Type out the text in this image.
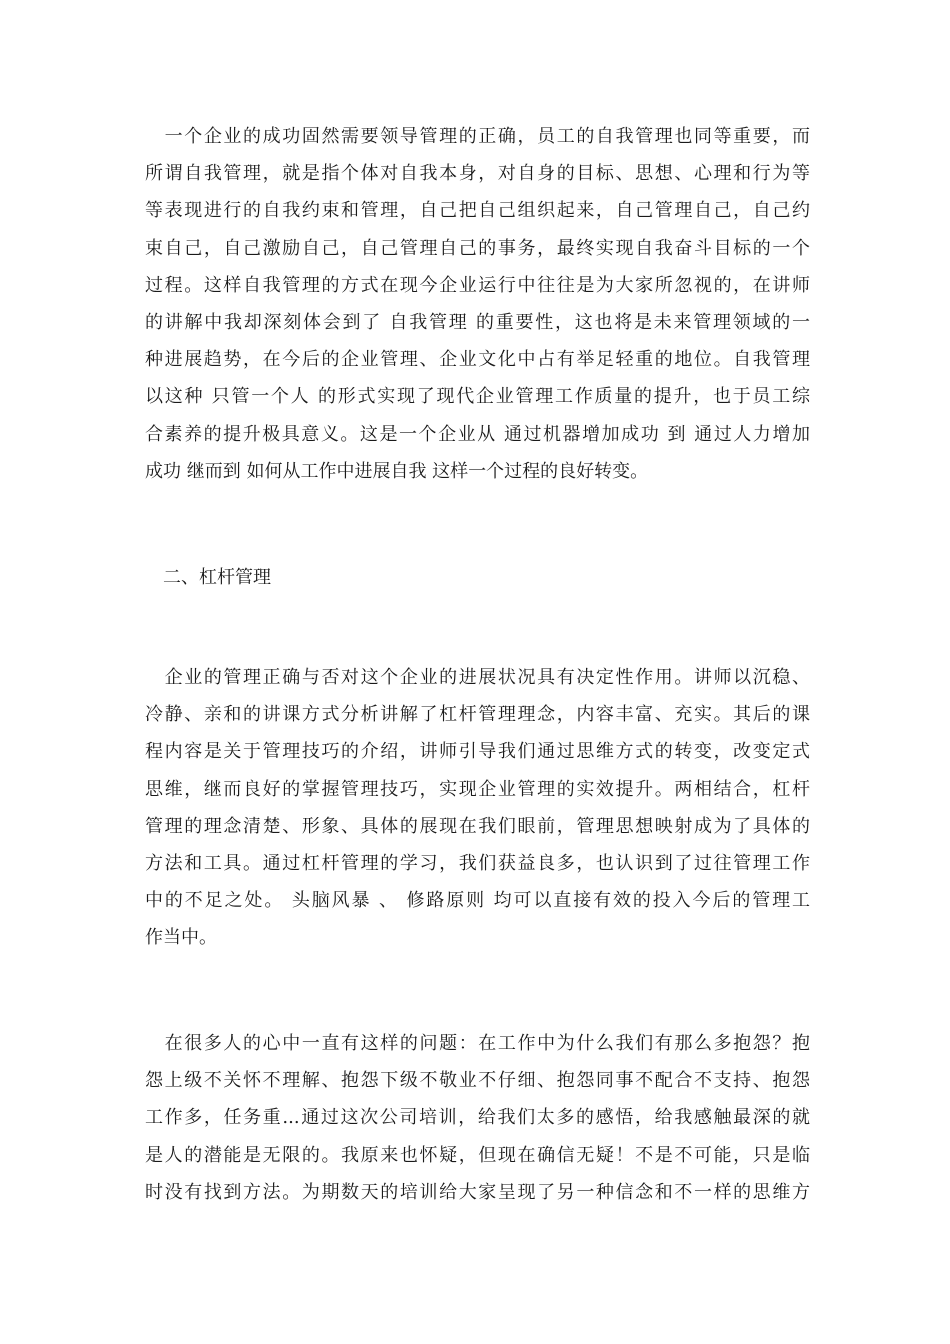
　一个企业的成功固然需要领导管理的正确，员工的自我管理也同等重要，而
所谓自我管理，就是指个体对自我本身，对自身的目标、思想、心理和行为等
等表现进行的自我约束和管理，自己把自己组织起来，自己管理自己，自己约
束自己，自己激励自己，自己管理自己的事务，最终实现自我奋斗目标的一个
过程。这样自我管理的方式在现今企业运行中往往是为大家所忽视的，在讲师
的讲解中我却深刻体会到了 自我管理 的重要性，这也将是未来管理领域的一
种进展趋势，在今后的企业管理、企业文化中占有举足轻重的地位。自我管理
以这种 只管一个人 的形式实现了现代企业管理工作质量的提升，也于员工综
合素养的提升极具意义。这是一个企业从 通过机器增加成功 到 通过人力增加
成功 继而到 如何从工作中进展自我 这样一个过程的良好转变。
　二、杠杆管理
　企业的管理正确与否对这个企业的进展状况具有决定性作用。讲师以沉稳、
冷静、亲和的讲课方式分析讲解了杠杆管理理念，内容丰富、充实。其后的课
程内容是关于管理技巧的介绍，讲师引导我们通过思维方式的转变，改变定式
思维，继而良好的掌握管理技巧，实现企业管理的实效提升。两相结合，杠杆
管理的理念清楚、形象、具体的展现在我们眼前，管理思想映射成为了具体的
方法和工具。通过杠杆管理的学习，我们获益良多，也认识到了过往管理工作
中的不足之处。 头脑风暴 、 修路原则 均可以直接有效的投入今后的管理工
作当中。
　在很多人的心中一直有这样的问题：在工作中为什么我们有那么多抱怨？抱
怨上级不关怀不理解、抱怨下级不敬业不仔细、抱怨同事不配合不支持、抱怨
工作多，任务重...通过这次公司培训，给我们太多的感悟，给我感触最深的就
是人的潜能是无限的。我原来也怀疑，但现在确信无疑！不是不可能，只是临
时没有找到方法。为期数天的培训给大家呈现了另一种信念和不一样的思维方
